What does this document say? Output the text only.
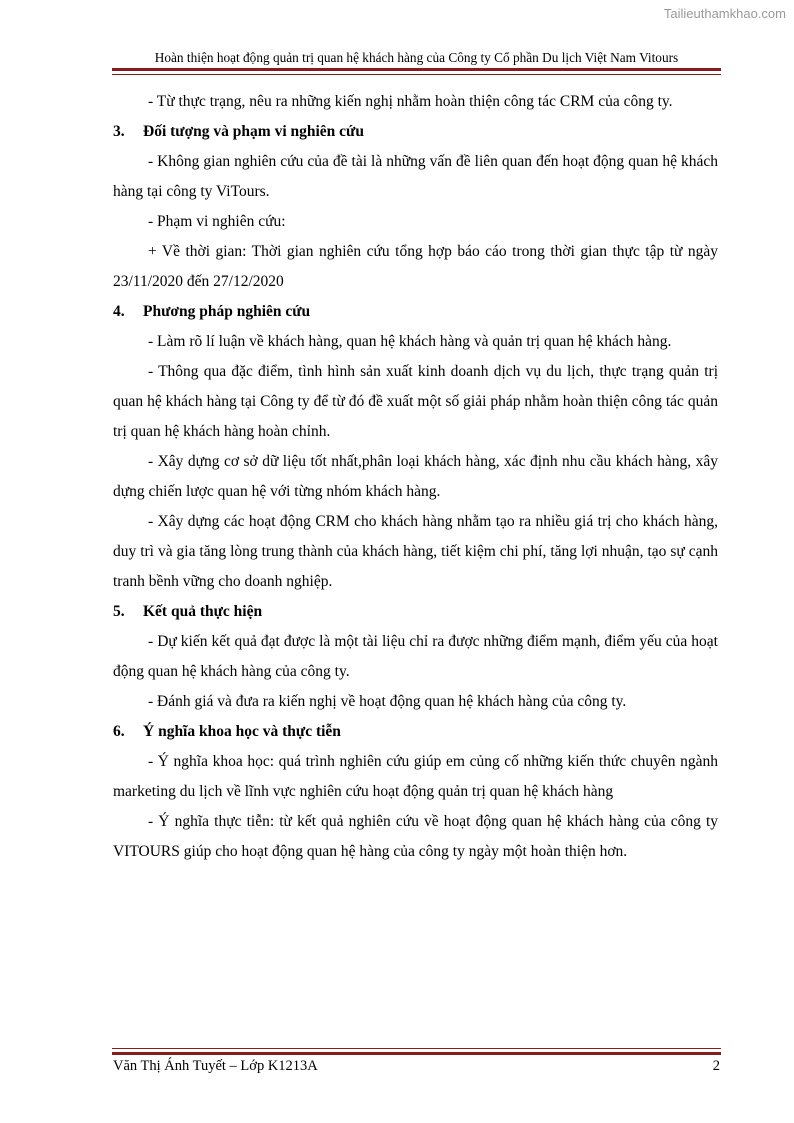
Tailieuthamkhao.com
Hoàn thiện hoạt động quản trị quan hệ khách hàng của Công ty Cổ phần Du lịch Việt Nam Vitours

- Từ thực trạng, nêu ra những kiến nghị nhằm hoàn thiện công tác CRM của công ty.

3. Đối tượng và phạm vi nghiên cứu

- Không gian nghiên cứu của đề tài là những vấn đề liên quan đến hoạt động quan hệ khách hàng tại công ty ViTours.

- Phạm vi nghiên cứu:

+ Về thời gian: Thời gian nghiên cứu tổng hợp báo cáo trong thời gian thực tập từ ngày 23/11/2020 đến 27/12/2020

4. Phương pháp nghiên cứu

- Làm rõ lí luận về khách hàng, quan hệ khách hàng và quản trị quan hệ khách hàng.

- Thông qua đặc điểm, tình hình sản xuất kinh doanh dịch vụ du lịch, thực trạng quản trị quan hệ khách hàng tại Công ty để từ đó đề xuất một số giải pháp nhằm hoàn thiện công tác quản trị quan hệ khách hàng hoàn chỉnh.

- Xây dựng cơ sở dữ liệu tốt nhất,phân loại khách hàng, xác định nhu cầu khách hàng, xây dựng chiến lược quan hệ với từng nhóm khách hàng.

- Xây dựng các hoạt động CRM cho khách hàng nhằm tạo ra nhiều giá trị cho khách hàng, duy trì và gia tăng lòng trung thành của khách hàng, tiết kiệm chi phí, tăng lợi nhuận, tạo sự cạnh tranh bềnh vững cho doanh nghiệp.

5. Kết quả thực hiện

- Dự kiến kết quả đạt được là một tài liệu chỉ ra được những điểm mạnh, điểm yếu của hoạt động quan hệ khách hàng của công ty.

- Đánh giá và đưa ra kiến nghị về hoạt động quan hệ khách hàng của công ty.

6. Ý nghĩa khoa học và thực tiễn

- Ý nghĩa khoa học: quá trình nghiên cứu giúp em củng cố những kiến thức chuyên ngành marketing du lịch về lĩnh vực nghiên cứu hoạt động quản trị quan hệ khách hàng

- Ý nghĩa thực tiễn: từ kết quả nghiên cứu về hoạt động quan hệ khách hàng của công ty VITOURS giúp cho hoạt động quan hệ hàng của công ty ngày một hoàn thiện hơn.

Văn Thị Ánh Tuyết – Lớp K1213A	2
